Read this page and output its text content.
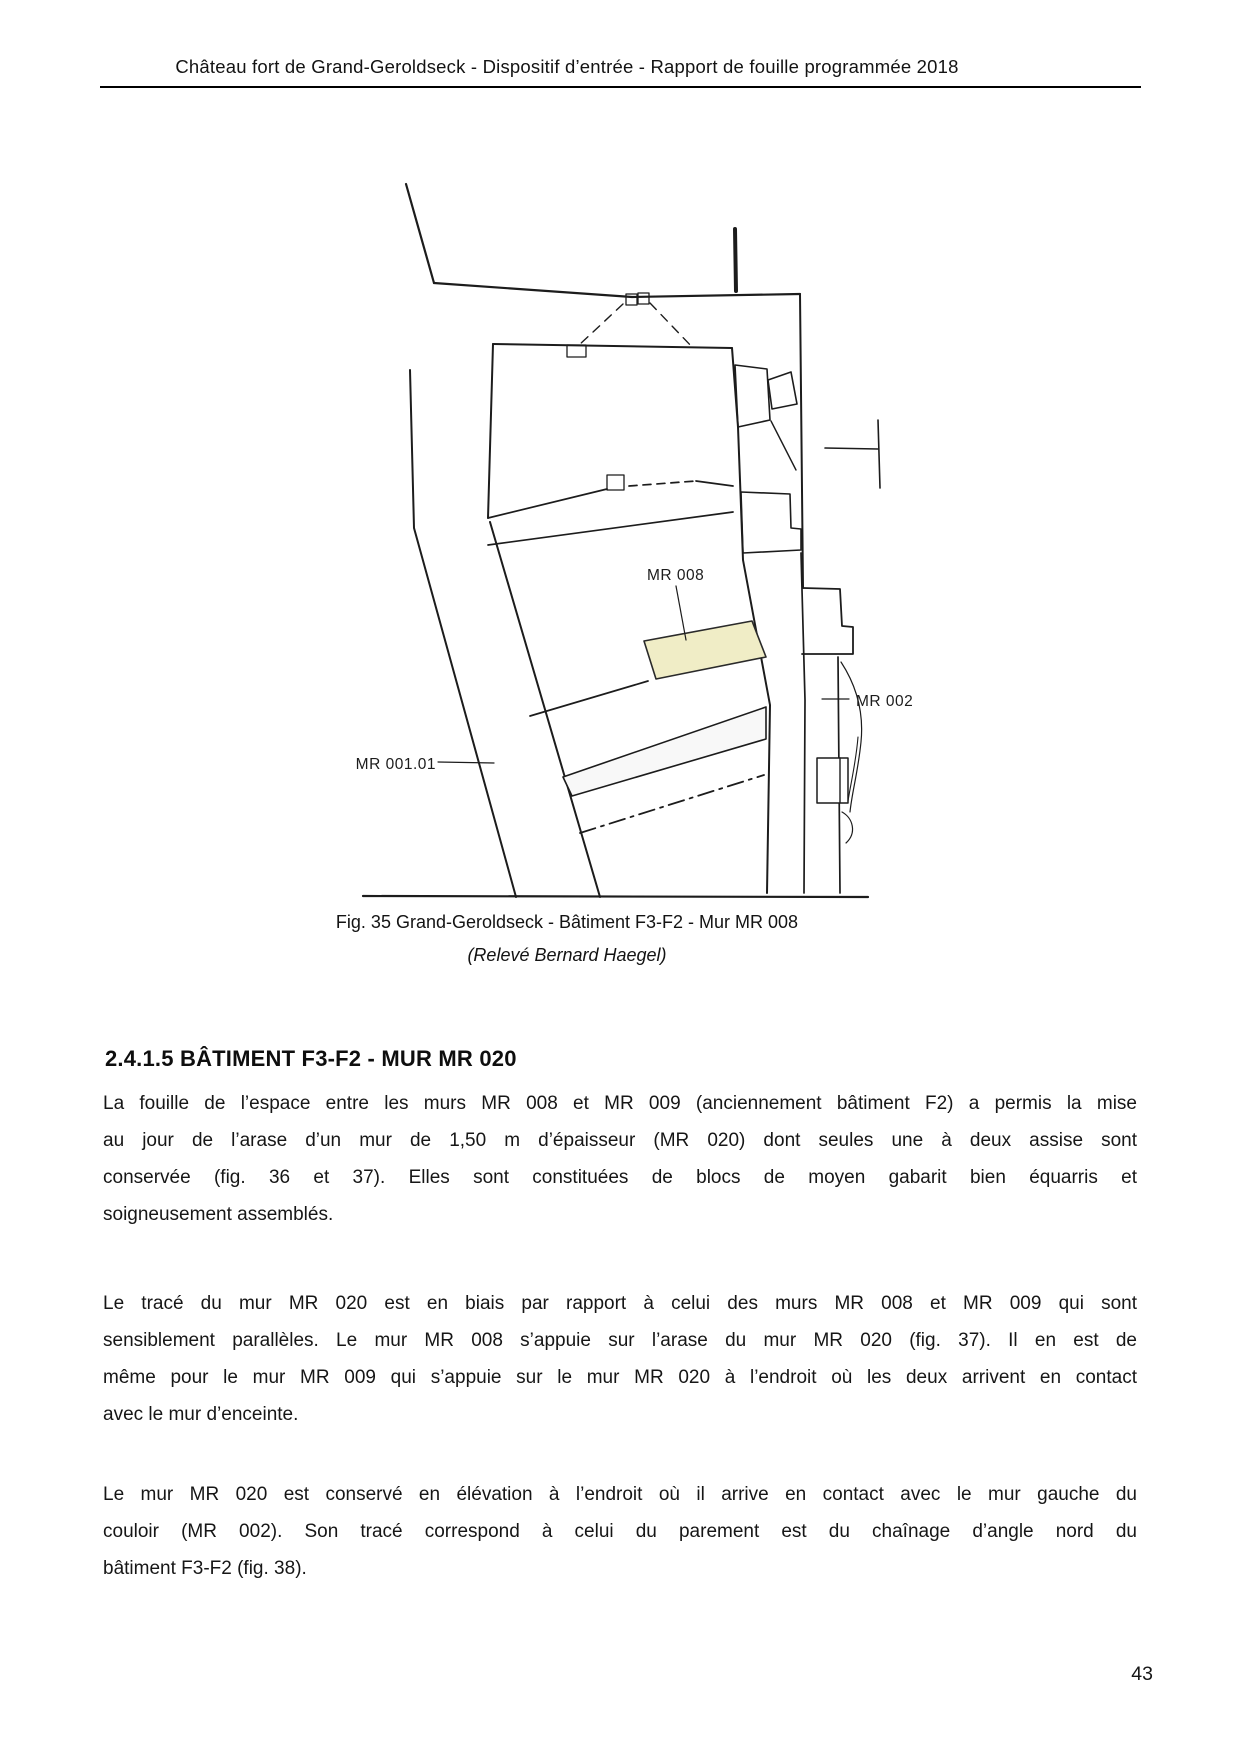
Château fort de Grand-Geroldseck - Dispositif d’entrée - Rapport de fouille programmée 2018
MR 008
MR 002
MR 001.01
Fig. 35 Grand-Geroldseck - Bâtiment F3-F2 - Mur MR 008
(Relevé Bernard Haegel)
2.4.1.5 BÂTIMENT F3-F2 - MUR MR 020
La fouille de l’espace entre les murs MR 008 et MR 009 (anciennement bâtiment F2) a permis la mise
au jour de l’arase d’un mur de 1,50 m d’épaisseur (MR 020) dont seules une à deux assise sont
conservée (fig. 36 et 37). Elles sont constituées de blocs de moyen gabarit bien équarris et
soigneusement assemblés.
Le tracé du mur MR 020 est en biais par rapport à celui des murs MR 008 et MR 009 qui sont
sensiblement parallèles. Le mur MR 008 s’appuie sur l’arase du mur MR 020 (fig. 37). Il en est de
même pour le mur MR 009 qui s’appuie sur le mur MR 020 à l’endroit où les deux arrivent en contact
avec le mur d’enceinte.
Le mur MR 020 est conservé en élévation à l’endroit où il arrive en contact avec le mur gauche du
couloir (MR 002). Son tracé correspond à celui du parement est du chaînage d’angle nord du
bâtiment F3-F2 (fig. 38).
43
